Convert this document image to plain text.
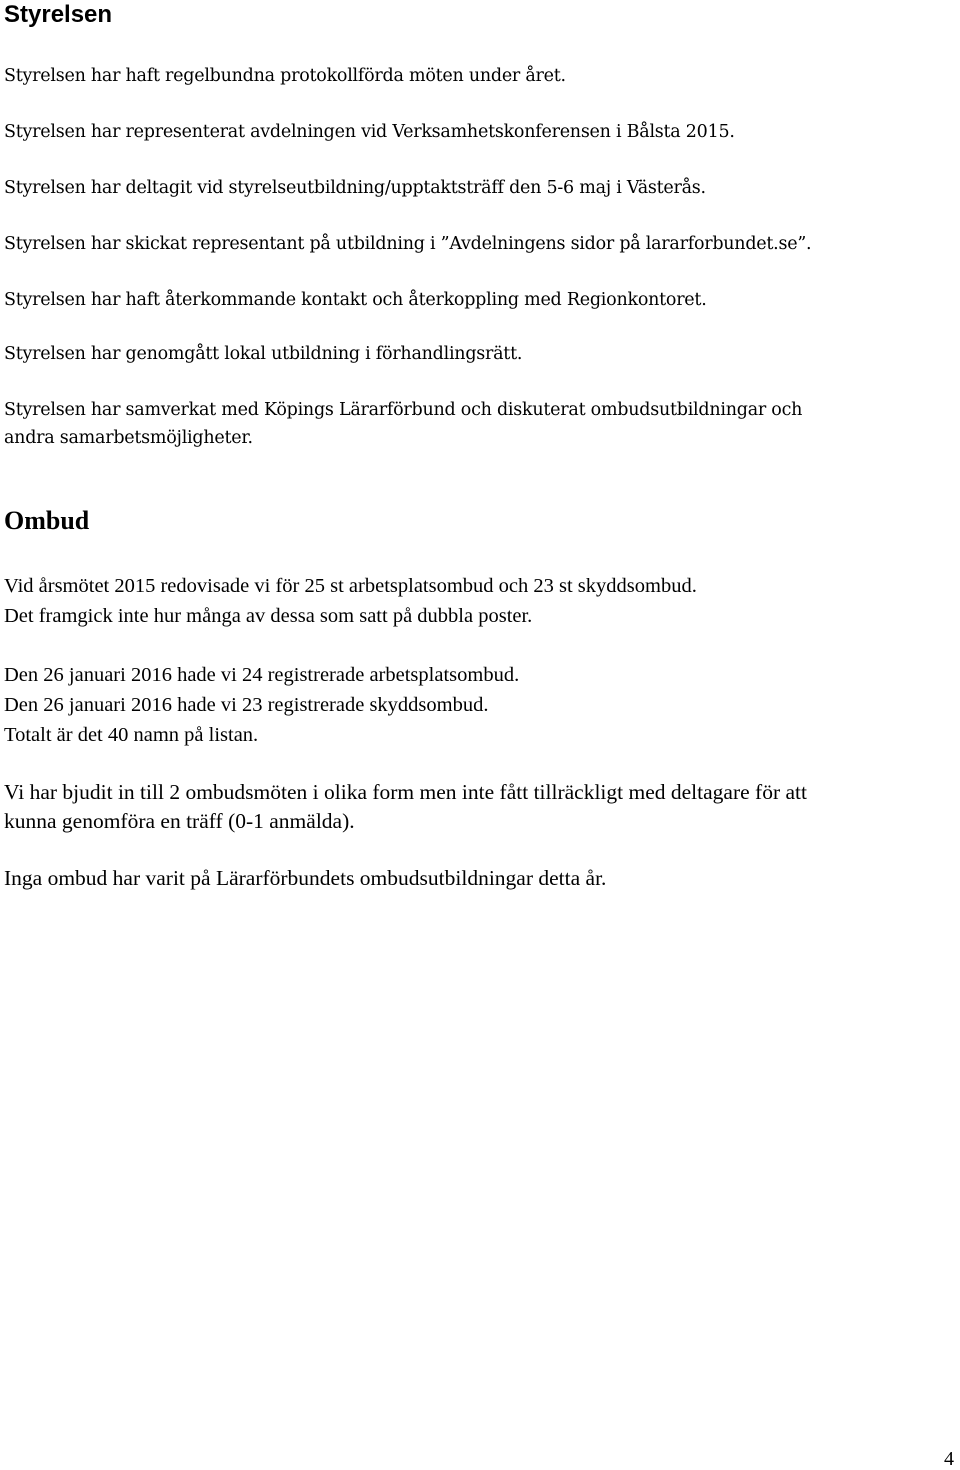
Styrelsen

Styrelsen har haft regelbundna protokollförda möten under året.

Styrelsen har representerat avdelningen vid Verksamhetskonferensen i Bålsta 2015.

Styrelsen har deltagit vid styrelseutbildning/upptaktsträff den 5-6 maj i Västerås.

Styrelsen har skickat representant på utbildning i ”Avdelningens sidor på lararforbundet.se”.

Styrelsen har haft återkommande kontakt och återkoppling med Regionkontoret.

Styrelsen har genomgått lokal utbildning i förhandlingsrätt.

Styrelsen har samverkat med Köpings Lärarförbund och diskuterat ombudsutbildningar och

andra samarbetsmöjligheter.

Ombud

Vid årsmötet 2015 redovisade vi för 25 st arbetsplatsombud och 23 st skyddsombud.

Det framgick inte hur många av dessa som satt på dubbla poster.

Den 26 januari 2016 hade vi 24 registrerade arbetsplatsombud.

Den 26 januari 2016 hade vi 23 registrerade skyddsombud.

Totalt är det 40 namn på listan.

Vi har bjudit in till 2 ombudsmöten i olika form men inte fått tillräckligt med deltagare för att

kunna genomföra en träff (0-1 anmälda).

Inga ombud har varit på Lärarförbundets ombudsutbildningar detta år.

4
